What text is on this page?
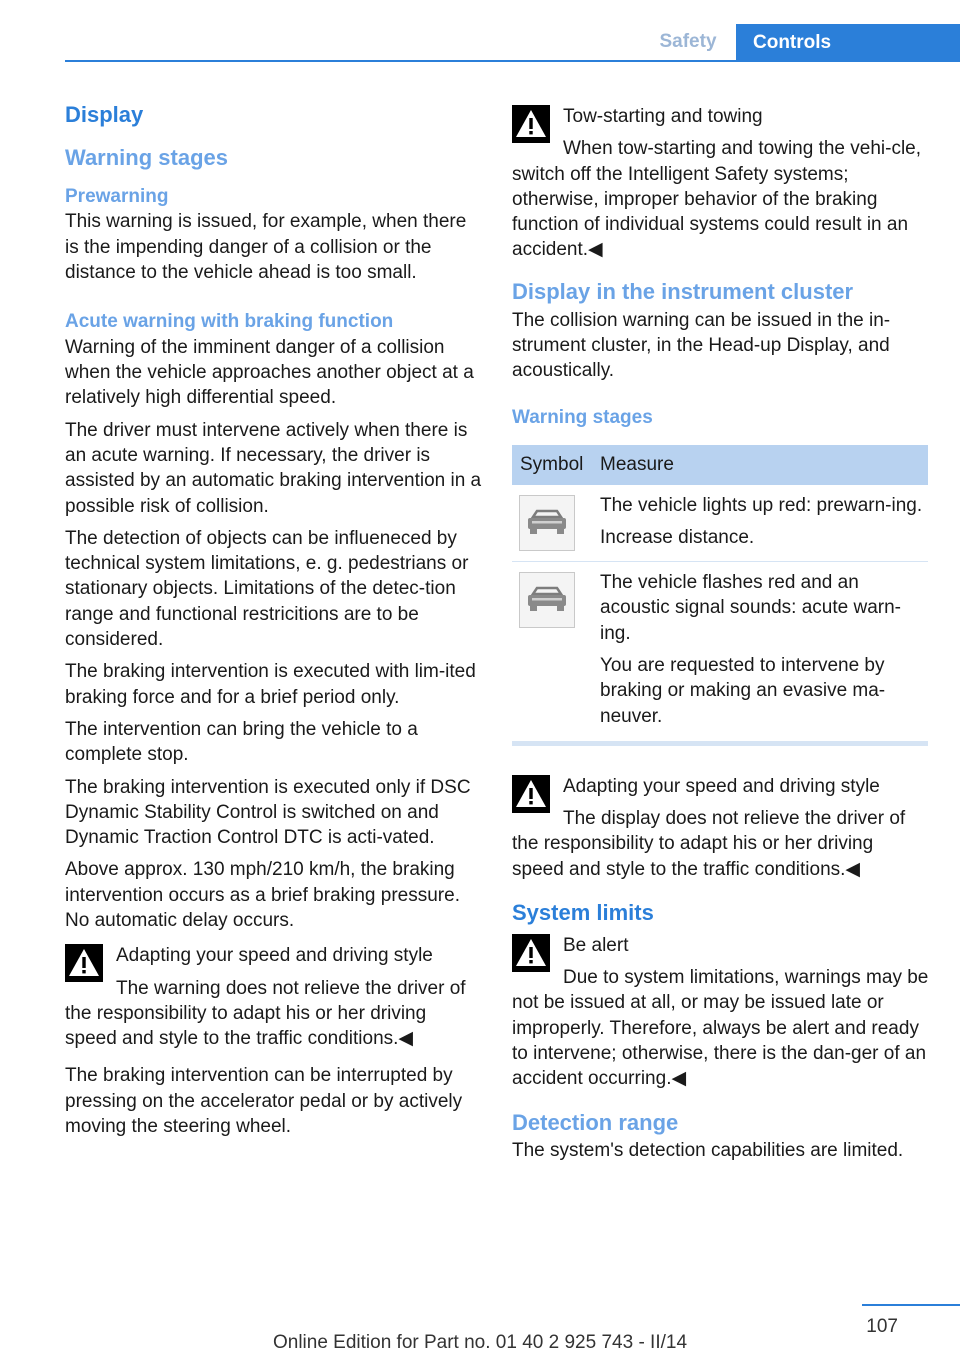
Safety	Controls
Display
Warning stages
Prewarning
This warning is issued, for example, when there is the impending danger of a collision or the distance to the vehicle ahead is too small.
Acute warning with braking function
Warning of the imminent danger of a collision when the vehicle approaches another object at a relatively high differential speed.
The driver must intervene actively when there is an acute warning. If necessary, the driver is assisted by an automatic braking intervention in a possible risk of collision.
The detection of objects can be influeneced by technical system limitations, e. g. pedestrians or stationary objects. Limitations of the detec‐tion range and functional restricitions are to be considered.
The braking intervention is executed with lim‐ited braking force and for a brief period only.
The intervention can bring the vehicle to a complete stop.
The braking intervention is executed only if DSC Dynamic Stability Control is switched on and Dynamic Traction Control DTC is acti‐vated.
Above approx. 130 mph/210 km/h, the braking intervention occurs as a brief braking pressure. No automatic delay occurs.
Adapting your speed and driving style
The warning does not relieve the driver of the responsibility to adapt his or her driving speed and style to the traffic conditions.◀
The braking intervention can be interrupted by pressing on the accelerator pedal or by actively moving the steering wheel.
Tow-starting and towing
When tow-starting and towing the vehi‐cle, switch off the Intelligent Safety systems; otherwise, improper behavior of the braking function of individual systems could result in an accident.◀
Display in the instrument cluster
The collision warning can be issued in the in‐strument cluster, in the Head-up Display, and acoustically.
Warning stages
Symbol Measure
The vehicle lights up red: prewarn‐ing.
Increase distance.
The vehicle flashes red and an acoustic signal sounds: acute warn‐ing.
You are requested to intervene by braking or making an evasive ma‐neuver.
Adapting your speed and driving style
The display does not relieve the driver of the responsibility to adapt his or her driving speed and style to the traffic conditions.◀
System limits
Be alert
Due to system limitations, warnings may be not be issued at all, or may be issued late or improperly. Therefore, always be alert and ready to intervene; otherwise, there is the dan‐ger of an accident occurring.◀
Detection range
The system's detection capabilities are limited.
107
Online Edition for Part no. 01 40 2 925 743 - II/14
